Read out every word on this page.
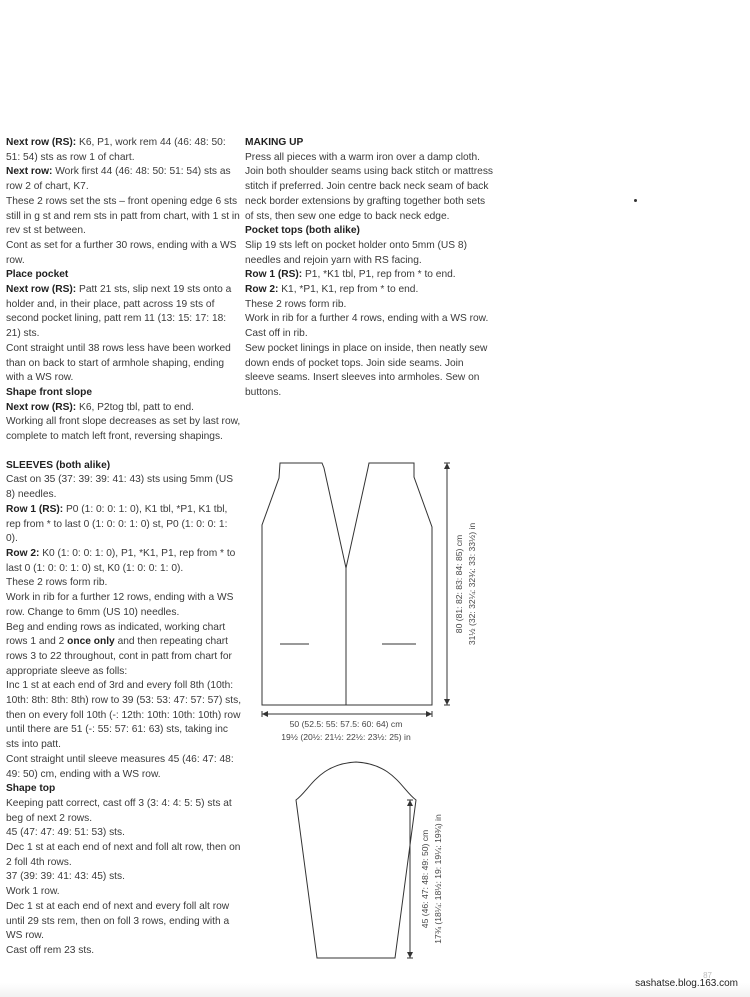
Next row (RS): K6, P1, work rem 44 (46: 48: 50: 51: 54) sts as row 1 of chart.

Next row: Work first 44 (46: 48: 50: 51: 54) sts as row 2 of chart, K7.

These 2 rows set the sts – front opening edge 6 sts still in g st and rem sts in patt from chart, with 1 st in rev st st between.

Cont as set for a further 30 rows, ending with a WS row.

Place pocket

Next row (RS): Patt 21 sts, slip next 19 sts onto a holder and, in their place, patt across 19 sts of second pocket lining, patt rem 11 (13: 15: 17: 18: 21) sts.

Cont straight until 38 rows less have been worked than on back to start of armhole shaping, ending with a WS row.

Shape front slope

Next row (RS): K6, P2tog tbl, patt to end.

Working all front slope decreases as set by last row, complete to match left front, reversing shapings.

SLEEVES (both alike)

Cast on 35 (37: 39: 39: 41: 43) sts using 5mm (US 8) needles.

Row 1 (RS): P0 (1: 0: 0: 1: 0), K1 tbl, *P1, K1 tbl, rep from * to last 0 (1: 0: 0: 1: 0) st, P0 (1: 0: 0: 1: 0).

Row 2: K0 (1: 0: 0: 1: 0), P1, *K1, P1, rep from * to last 0 (1: 0: 0: 1: 0) st, K0 (1: 0: 0: 1: 0).

These 2 rows form rib.

Work in rib for a further 12 rows, ending with a WS row. Change to 6mm (US 10) needles.

Beg and ending rows as indicated, working chart rows 1 and 2 once only and then repeating chart rows 3 to 22 throughout, cont in patt from chart for appropriate sleeve as folls:

Inc 1 st at each end of 3rd and every foll 8th (10th: 10th: 8th: 8th: 8th) row to 39 (53: 53: 47: 57: 57) sts, then on every foll 10th (-: 12th: 10th: 10th: 10th) row until there are 51 (-: 55: 57: 61: 63) sts, taking inc sts into patt.

Cont straight until sleeve measures 45 (46: 47: 48: 49: 50) cm, ending with a WS row.

Shape top

Keeping patt correct, cast off 3 (3: 4: 4: 5: 5) sts at beg of next 2 rows.

45 (47: 47: 49: 51: 53) sts.

Dec 1 st at each end of next and foll alt row, then on 2 foll 4th rows.

37 (39: 39: 41: 43: 45) sts.

Work 1 row.

Dec 1 st at each end of next and every foll alt row until 29 sts rem, then on foll 3 rows, ending with a WS row.

Cast off rem 23 sts.

MAKING UP

Press all pieces with a warm iron over a damp cloth.

Join both shoulder seams using back stitch or mattress stitch if preferred. Join centre back neck seam of back neck border extensions by grafting together both sets of sts, then sew one edge to back neck edge.

Pocket tops (both alike)

Slip 19 sts left on pocket holder onto 5mm (US 8) needles and rejoin yarn with RS facing.

Row 1 (RS): P1, *K1 tbl, P1, rep from * to end.

Row 2: K1, *P1, K1, rep from * to end.

These 2 rows form rib.

Work in rib for a further 4 rows, ending with a WS row. Cast off in rib.

Sew pocket linings in place on inside, then neatly sew down ends of pocket tops. Join side seams. Join sleeve seams. Insert sleeves into armholes. Sew on buttons.

50 (52.5: 55: 57.5: 60: 64) cm
19½ (20½: 21½: 22½: 23½: 25) in
80 (81: 82: 83: 84: 85) cm 31½ (32: 32¼: 32¾: 33: 33½) in
45 (46: 47: 48: 49: 50) cm 17¾ (18¼: 18½: 19: 19¼: 19¾) in
87
sashatse.blog.163.com
